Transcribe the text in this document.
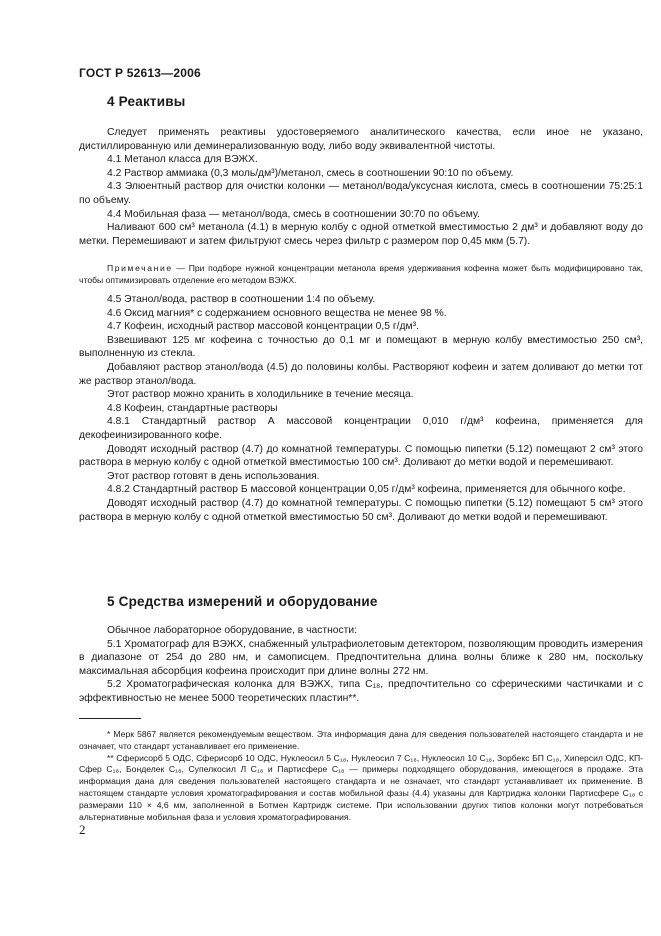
ГОСТ Р 52613—2006
4 Реактивы

Следует применять реактивы удостоверяемого аналитического качества, если иное не указано, дистиллированную или деминерализованную воду, либо воду эквивалентной чистоты.

4.1 Метанол класса для ВЭЖХ.

4.2 Раствор аммиака (0,3 моль/дм³)/метанол, смесь в соотношении 90:10 по объему.

4.3 Элюентный раствор для очистки колонки — метанол/вода/уксусная кислота, смесь в соотношении 75:25:1 по объему.

4.4 Мобильная фаза — метанол/вода, смесь в соотношении 30:70 по объему.

Наливают 600 см³ метанола (4.1) в мерную колбу с одной отметкой вместимостью 2 дм³ и добавляют воду до метки. Перемешивают и затем фильтруют смесь через фильтр с размером пор 0,45 мкм (5.7).

Примечание — При подборе нужной концентрации метанола время удерживания кофеина может быть модифицировано так, чтобы оптимизировать отделение его методом ВЭЖХ.

4.5 Этанол/вода, раствор в соотношении 1:4 по объему.

4.6 Оксид магния* с содержанием основного вещества не менее 98 %.

4.7 Кофеин, исходный раствор массовой концентрации 0,5 г/дм³.

Взвешивают 125 мг кофеина с точностью до 0,1 мг и помещают в мерную колбу вместимостью 250 см³, выполненную из стекла.

Добавляют раствор этанол/вода (4.5) до половины колбы. Растворяют кофеин и затем доливают до метки тот же раствор этанол/вода.

Этот раствор можно хранить в холодильнике в течение месяца.

4.8 Кофеин, стандартные растворы

4.8.1 Стандартный раствор А массовой концентрации 0,010 г/дм³ кофеина, применяется для декофеинизированного кофе.

Доводят исходный раствор (4.7) до комнатной температуры. С помощью пипетки (5.12) помещают 2 см³ этого раствора в мерную колбу с одной отметкой вместимостью 100 см³. Доливают до метки водой и перемешивают.

Этот раствор готовят в день использования.

4.8.2 Стандартный раствор Б массовой концентрации 0,05 г/дм³ кофеина, применяется для обычного кофе.

Доводят исходный раствор (4.7) до комнатной температуры. С помощью пипетки (5.12) помещают 5 см³ этого раствора в мерную колбу с одной отметкой вместимостью 50 см³. Доливают до метки водой и перемешивают.

5 Средства измерений и оборудование

Обычное лабораторное оборудование, в частности:

5.1 Хроматограф для ВЭЖХ, снабженный ультрафиолетовым детектором, позволяющим проводить измерения в диапазоне от 254 до 280 нм, и самописцем. Предпочтительна длина волны ближе к 280 нм, поскольку максимальная абсорбция кофеина происходит при длине волны 272 нм.

5.2 Хроматографическая колонка для ВЭЖХ, типа С₁₈, предпочтительно со сферическими частичками и с эффективностью не менее 5000 теоретических пластин**.

* Мерк 5867 является рекомендуемым веществом. Эта информация дана для сведения пользователей настоящего стандарта и не означает, что стандарт устанавливает его применение.

** Сферисорб 5 ОДС, Сферисорб 10 ОДС, Нуклеосил 5 С₁₈, Нуклеосил 7 С₁₈, Нуклеосил 10 С₁₈, Зорбекс БП С₁₈, Хиперсил ОДС, КП-Сфер С₁₈, Бонделек С₁₈, Супелкосил Л С₁₈ и Партисфере С₁₈ — примеры подходящего оборудования, имеющегося в продаже. Эта информация дана для сведения пользователей настоящего стандарта и не означает, что стандарт устанавливает их применение. В настоящем стандарте условия хроматографирования и состав мобильной фазы (4.4) указаны для Картриджа колонки Партисфере С₁₈ с размерами 110 × 4,6 мм, заполненной в Ботмен Картридж системе. При использовании других типов колонки могут потребоваться альтернативные мобильная фаза и условия хроматографирования.

2
